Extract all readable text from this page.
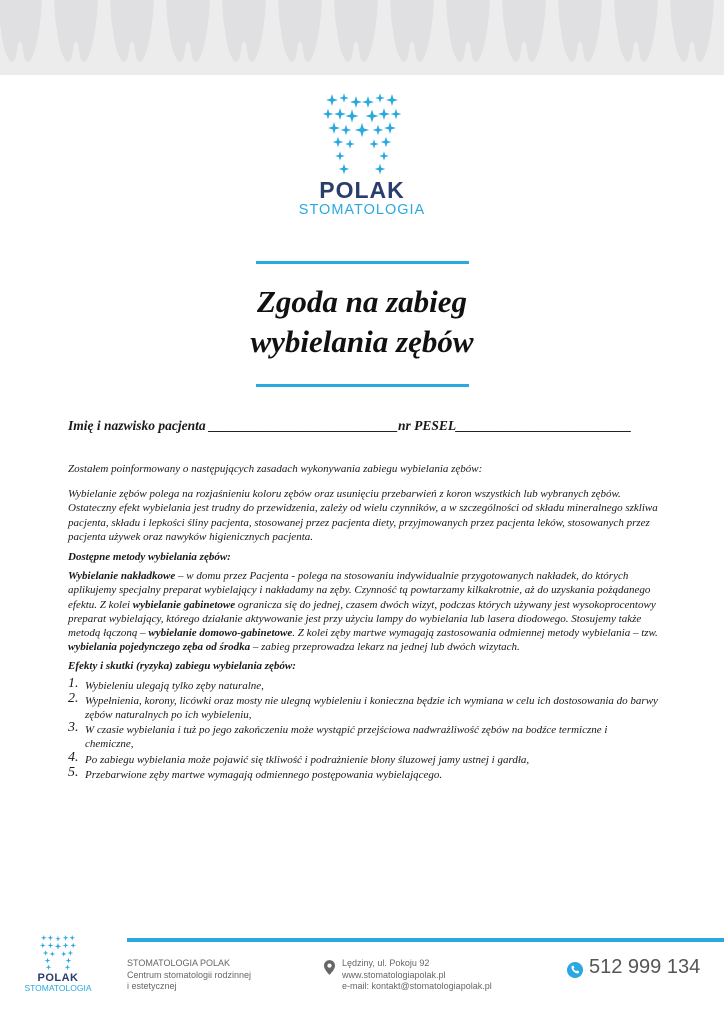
POLAK
STOMATOLOGIA
Zgoda na zabieg
wybielania zębów
Imię i nazwisko pacjenta ____________________________nr PESEL__________________________

Zostałem poinformowany o następujących zasadach wykonywania zabiegu wybielania zębów:

Wybielanie zębów polega na rozjaśnieniu koloru zębów oraz usunięciu przebarwień z koron wszystkich lub wybranych zębów. Ostateczny efekt wybielania jest trudny do przewidzenia, zależy od wielu czynników, a w szczególności od składu mineralnego szkliwa pacjenta, składu i lepkości śliny pacjenta, stosowanej przez pacjenta diety, przyjmowanych przez pacjenta leków, stosowanych przez pacjenta używek oraz nawyków higienicznych pacjenta.

Dostępne metody wybielania zębów:

Wybielanie nakładkowe – w domu przez Pacjenta - polega na stosowaniu indywidualnie przygotowanych nakładek, do których aplikujemy specjalny preparat wybielający i nakładamy na zęby. Czynność tą powtarzamy kilkakrotnie, aż do uzyskania pożądanego efektu. Z kolei wybielanie gabinetowe ogranicza się do jednej, czasem dwóch wizyt, podczas których używany jest wysokoprocentowy preparat wybielający, którego działanie aktywowanie jest przy użyciu lampy do wybielania lub lasera diodowego. Stosujemy także metodą łączoną – wybielanie domowo-gabinetowe. Z kolei zęby martwe wymagają zastosowania odmiennej metody wybielania – tzw. wybielania pojedynczego zęba od środka – zabieg przeprowadza lekarz na jednej lub dwóch wizytach.

Efekty i skutki (ryzyka) zabiegu wybielania zębów:

1. Wybieleniu ulegają tylko zęby naturalne,
2. Wypełnienia, korony, licówki oraz mosty nie ulegną wybieleniu i konieczna będzie ich wymiana w celu ich dostosowania do barwy zębów naturalnych po ich wybieleniu,
3. W czasie wybielania i tuż po jego zakończeniu może wystąpić przejściowa nadwrażliwość zębów na bodźce termiczne i chemiczne,
4. Po zabiegu wybielania może pojawić się tkliwość i podrażnienie błony śluzowej jamy ustnej i gardła,
5. Przebarwione zęby martwe wymagają odmiennego postępowania wybielającego.
POLAK
STOMATOLOGIA
STOMATOLOGIA POLAK
Centrum stomatologii rodzinnej
i estetycznej
Lędziny, ul. Pokoju 92
www.stomatologiapolak.pl
e-mail: kontakt@stomatologiapolak.pl
512 999 134
